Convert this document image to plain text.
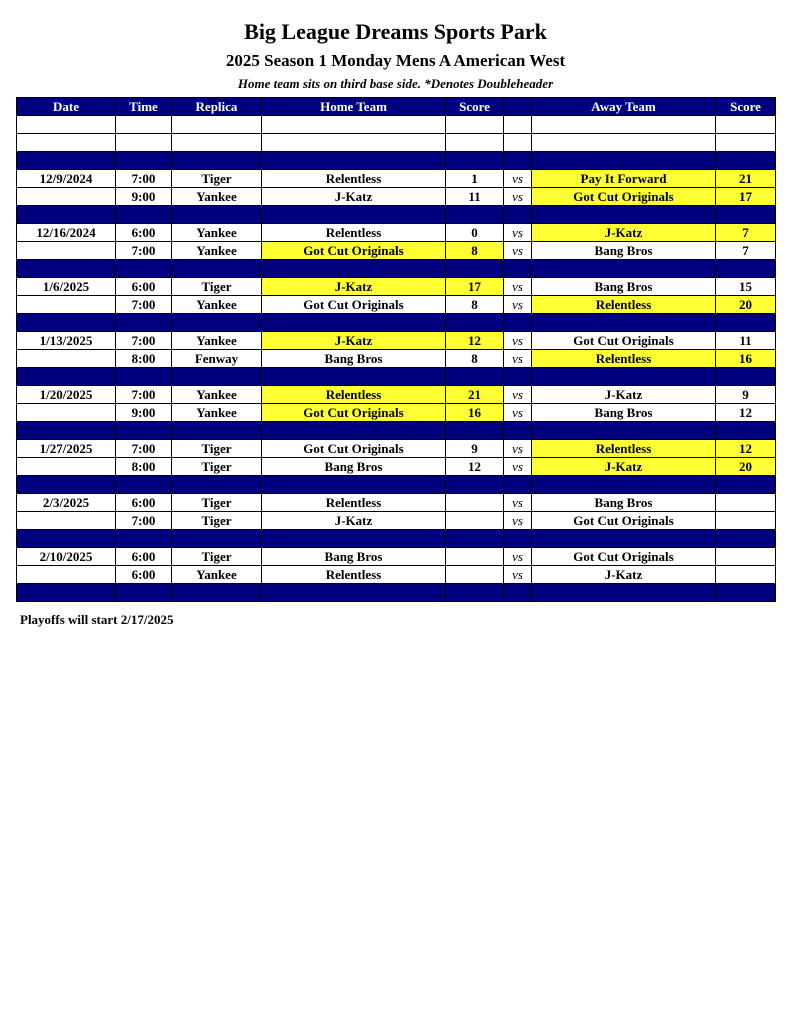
Big League Dreams Sports Park
2025 Season 1 Monday Mens A American West
Home team sits on third base side. *Denotes Doubleheader
Date	Time	Replica	Home Team	Score		Away Team	Score

12/9/2024	7:00	Tiger	Relentless	1	vs	Pay It Forward	21
	9:00	Yankee	J-Katz	11	vs	Got Cut Originals	17

12/16/2024	6:00	Yankee	Relentless	0	vs	J-Katz	7
	7:00	Yankee	Got Cut Originals	8	vs	Bang Bros	7

1/6/2025	6:00	Tiger	J-Katz	17	vs	Bang Bros	15
	7:00	Yankee	Got Cut Originals	8	vs	Relentless	20

1/13/2025	7:00	Yankee	J-Katz	12	vs	Got Cut Originals	11
	8:00	Fenway	Bang Bros	8	vs	Relentless	16

1/20/2025	7:00	Yankee	Relentless	21	vs	J-Katz	9
	9:00	Yankee	Got Cut Originals	16	vs	Bang Bros	12

1/27/2025	7:00	Tiger	Got Cut Originals	9	vs	Relentless	12
	8:00	Tiger	Bang Bros	12	vs	J-Katz	20

2/3/2025	6:00	Tiger	Relentless		vs	Bang Bros	
	7:00	Tiger	J-Katz		vs	Got Cut Originals	

2/10/2025	6:00	Tiger	Bang Bros		vs	Got Cut Originals	
	6:00	Yankee	Relentless		vs	J-Katz	

Playoffs will start 2/17/2025
